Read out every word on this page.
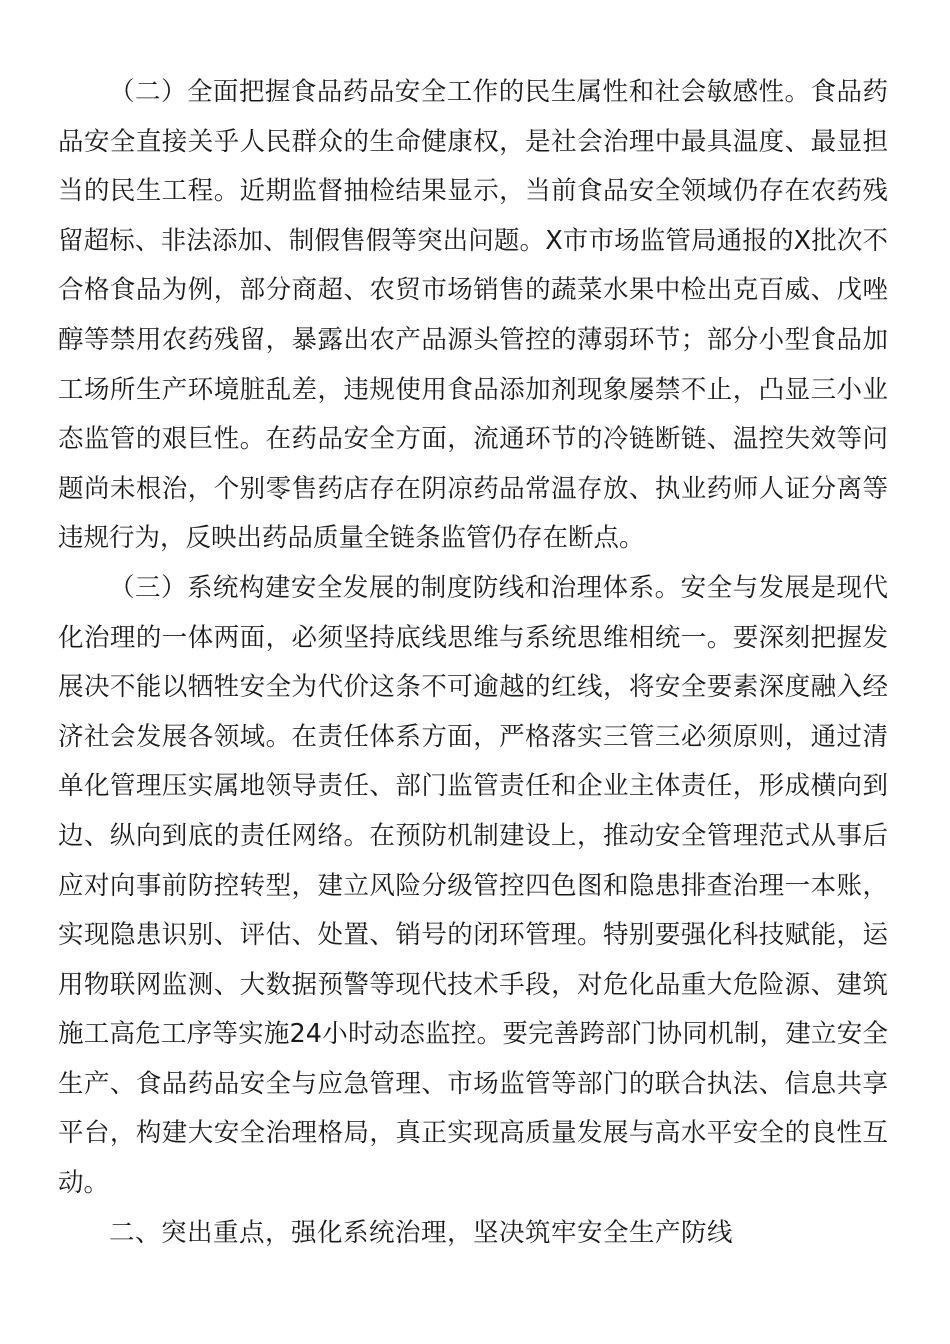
（二）全面把握食品药品安全工作的民生属性和社会敏感性。食品药品安全直接关乎人民群众的生命健康权，是社会治理中最具温度、最显担当的民生工程。近期监督抽检结果显示，当前食品安全领域仍存在农药残留超标、非法添加、制假售假等突出问题。X市市场监管局通报的X批次不合格食品为例，部分商超、农贸市场销售的蔬菜水果中检出克百威、戊唑醇等禁用农药残留，暴露出农产品源头管控的薄弱环节；部分小型食品加工场所生产环境脏乱差，违规使用食品添加剂现象屡禁不止，凸显三小业态监管的艰巨性。在药品安全方面，流通环节的冷链断链、温控失效等问题尚未根治，个别零售药店存在阴凉药品常温存放、执业药师人证分离等违规行为，反映出药品质量全链条监管仍存在断点。

（三）系统构建安全发展的制度防线和治理体系。安全与发展是现代化治理的一体两面，必须坚持底线思维与系统思维相统一。要深刻把握发展决不能以牺牲安全为代价这条不可逾越的红线，将安全要素深度融入经济社会发展各领域。在责任体系方面，严格落实三管三必须原则，通过清单化管理压实属地领导责任、部门监管责任和企业主体责任，形成横向到边、纵向到底的责任网络。在预防机制建设上，推动安全管理范式从事后应对向事前防控转型，建立风险分级管控四色图和隐患排查治理一本账，实现隐患识别、评估、处置、销号的闭环管理。特别要强化科技赋能，运用物联网监测、大数据预警等现代技术手段，对危化品重大危险源、建筑施工高危工序等实施24小时动态监控。要完善跨部门协同机制，建立安全生产、食品药品安全与应急管理、市场监管等部门的联合执法、信息共享平台，构建大安全治理格局，真正实现高质量发展与高水平安全的良性互动。

二、突出重点，强化系统治理，坚决筑牢安全生产防线
